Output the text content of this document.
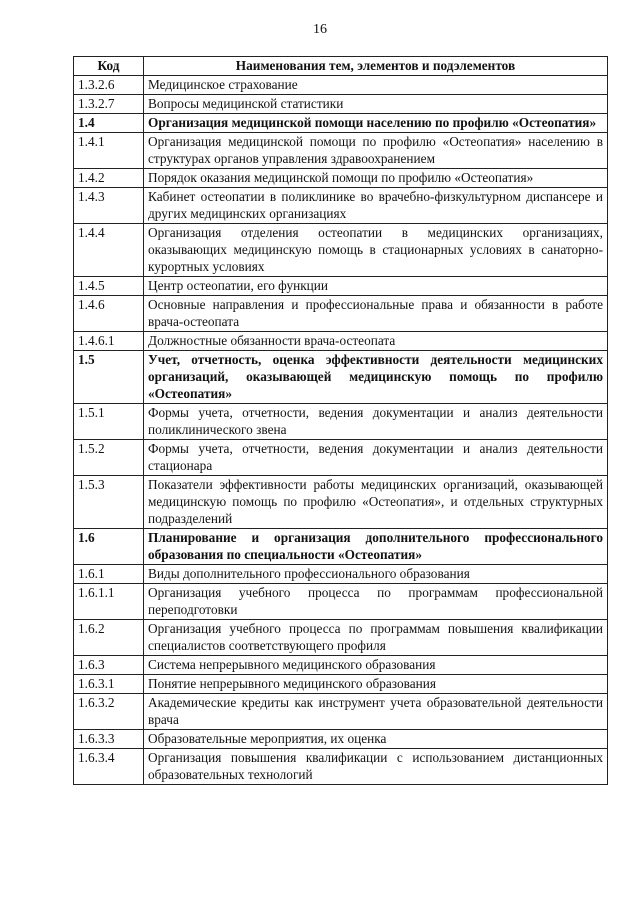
16
Код	Наименования тем, элементов и подэлементов
1.3.2.6	Медицинское страхование
1.3.2.7	Вопросы медицинской статистики
1.4	Организация медицинской помощи населению по профилю «Остеопатия»
1.4.1	Организация медицинской помощи по профилю «Остеопатия» населению в структурах органов управления здравоохранением
1.4.2	Порядок оказания медицинской помощи по профилю «Остеопатия»
1.4.3	Кабинет остеопатии в поликлинике во врачебно-физкультурном диспансере и других медицинских организациях
1.4.4	Организация отделения остеопатии в медицинских организациях, оказывающих медицинскую помощь в стационарных условиях в санаторно-курортных условиях
1.4.5	Центр остеопатии, его функции
1.4.6	Основные направления и профессиональные права и обязанности в работе врача-остеопата
1.4.6.1	Должностные обязанности врача-остеопата
1.5	Учет, отчетность, оценка эффективности деятельности медицинских организаций, оказывающей медицинскую помощь по профилю «Остеопатия»
1.5.1	Формы учета, отчетности, ведения документации и анализ деятельности поликлинического звена
1.5.2	Формы учета, отчетности, ведения документации и анализ деятельности стационара
1.5.3	Показатели эффективности работы медицинских организаций, оказывающей медицинскую помощь по профилю «Остеопатия», и отдельных структурных подразделений
1.6	Планирование и организация дополнительного профессионального образования по специальности «Остеопатия»
1.6.1	Виды дополнительного профессионального образования
1.6.1.1	Организация учебного процесса по программам профессиональной переподготовки
1.6.2	Организация учебного процесса по программам повышения квалификации специалистов соответствующего профиля
1.6.3	Система непрерывного медицинского образования
1.6.3.1	Понятие непрерывного медицинского образования
1.6.3.2	Академические кредиты как инструмент учета образовательной деятельности врача
1.6.3.3	Образовательные мероприятия, их оценка
1.6.3.4	Организация повышения квалификации с использованием дистанционных образовательных технологий
